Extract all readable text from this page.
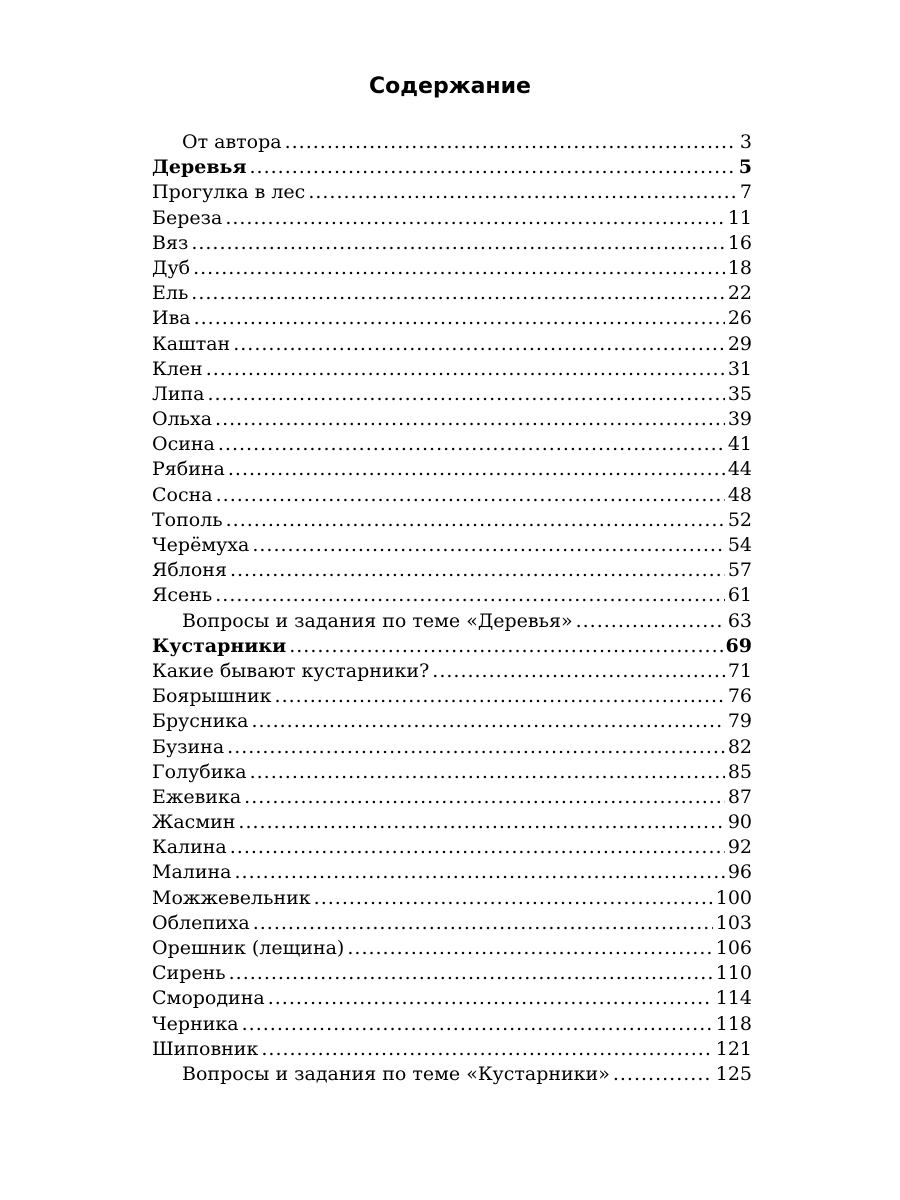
Содержание
От автора .....	3
Деревья .....	5
Прогулка в лес .....	7
Береза .....	11
Вяз .....	16
Дуб .....	18
Ель .....	22
Ива .....	26
Каштан .....	29
Клен .....	31
Липа .....	35
Ольха .....	39
Осина .....	41
Рябина .....	44
Сосна .....	48
Тополь .....	52
Черёмуха .....	54
Яблоня .....	57
Ясень .....	61
Вопросы и задания по теме «Деревья» .....	63
Кустарники .....	69
Какие бывают кустарники? .....	71
Боярышник .....	76
Брусника .....	79
Бузина .....	82
Голубика .....	85
Ежевика .....	87
Жасмин .....	90
Калина .....	92
Малина .....	96
Можжевельник .....	100
Облепиха .....	103
Орешник (лещина) .....	106
Сирень .....	110
Смородина .....	114
Черника .....	118
Шиповник .....	121
Вопросы и задания по теме «Кустарники» .....	125
